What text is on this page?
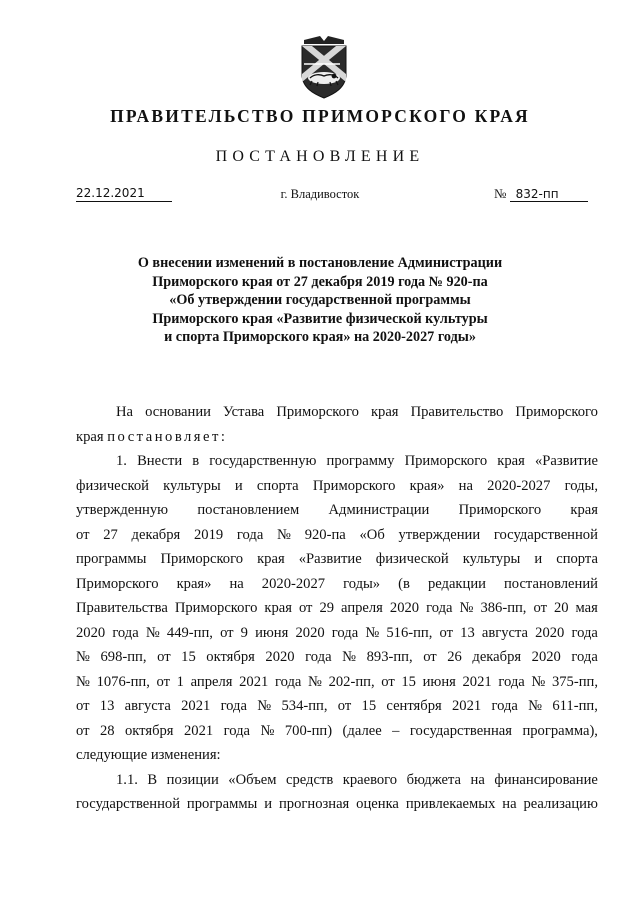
ПРАВИТЕЛЬСТВО ПРИМОРСКОГО КРАЯ
ПОСТАНОВЛЕНИЕ
22.12.2021	г. Владивосток	№ 832-пп
О внесении изменений в постановление Администрации
Приморского края от 27 декабря 2019 года № 920-па
«Об утверждении государственной программы
Приморского края «Развитие физической культуры
и спорта Приморского края» на 2020-2027 годы»
На основании Устава Приморского края Правительство Приморского
края постановляет:
1. Внести в государственную программу Приморского края «Развитие
физической культуры и спорта Приморского края» на 2020-2027 годы,
утвержденную постановлением Администрации Приморского края
от 27 декабря 2019 года № 920-па «Об утверждении государственной
программы Приморского края «Развитие физической культуры и спорта
Приморского края» на 2020-2027 годы» (в редакции постановлений
Правительства Приморского края от 29 апреля 2020 года № 386-пп, от 20 мая
2020 года № 449-пп, от 9 июня 2020 года № 516-пп, от 13 августа 2020 года
№ 698-пп, от 15 октября 2020 года № 893-пп, от 26 декабря 2020 года
№ 1076-пп, от 1 апреля 2021 года № 202-пп, от 15 июня 2021 года № 375-пп,
от 13 августа 2021 года № 534-пп, от 15 сентября 2021 года № 611-пп,
от 28 октября 2021 года № 700-пп) (далее – государственная программа),
следующие изменения:
1.1. В позиции «Объем средств краевого бюджета на финансирование
государственной программы и прогнозная оценка привлекаемых на реализацию
